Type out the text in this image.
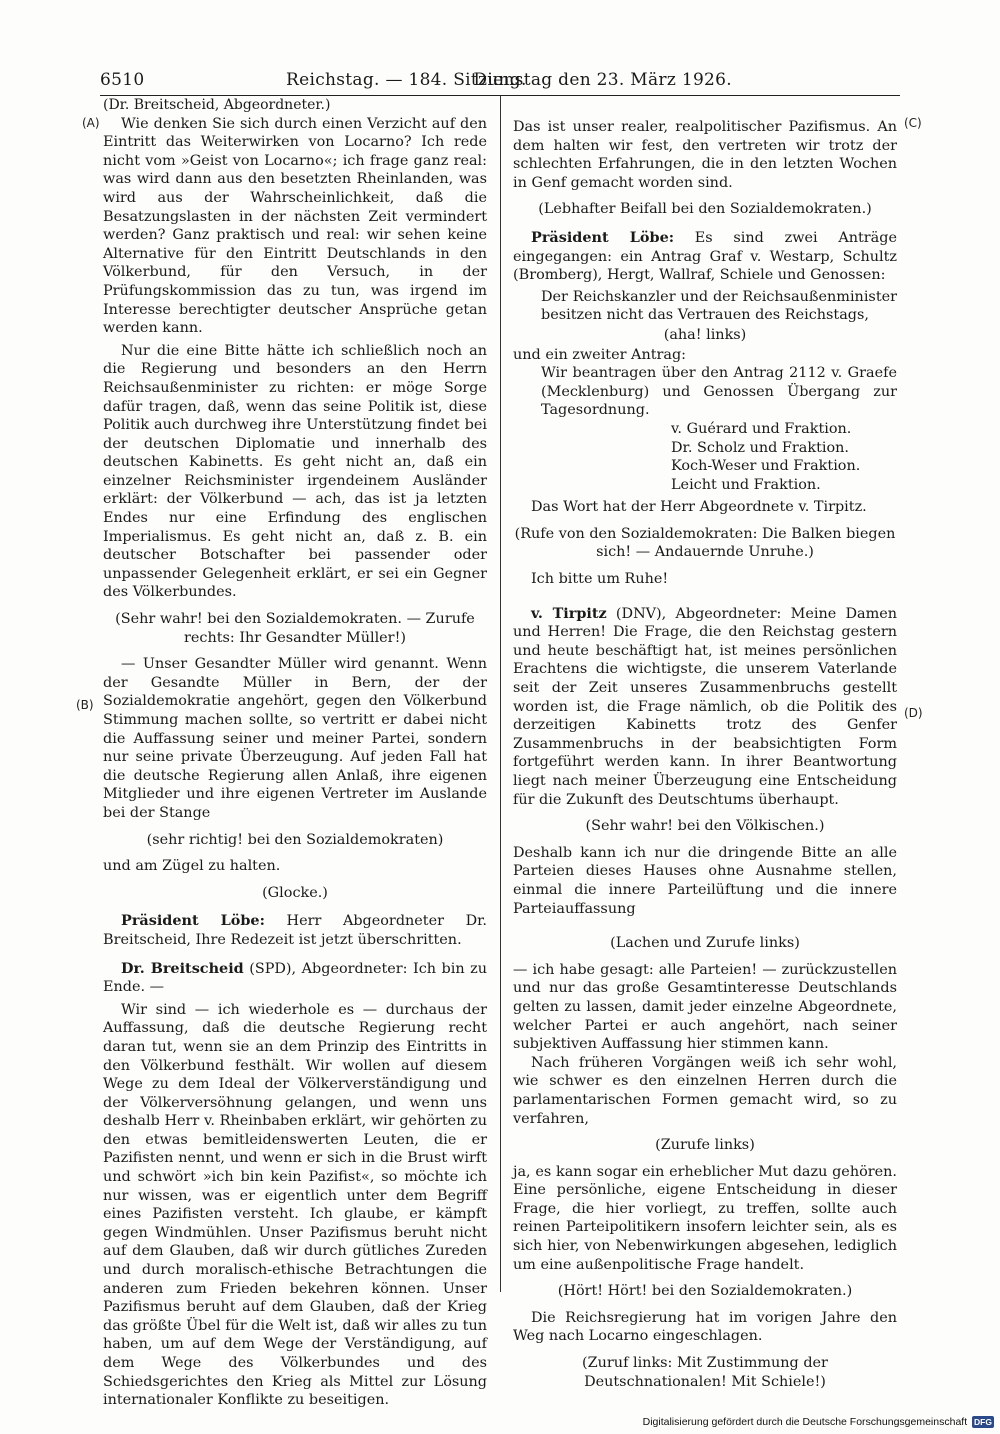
6510	Reichstag. — 184. Sitzung.
Dienstag den 23. März 1926.
(A)
(B)
(C)
(D)

(Dr. Breitscheid, Abgeordneter.)

Wie denken Sie sich durch einen Verzicht auf den Eintritt das Weiterwirken von Locarno? Ich rede nicht vom »Geist von Locarno«; ich frage ganz real: was wird dann aus den besetzten Rheinlanden, was wird aus der Wahrscheinlichkeit, daß die Besatzungslasten in der nächsten Zeit vermindert werden? Ganz praktisch und real: wir sehen keine Alternative für den Eintritt Deutschlands in den Völkerbund, für den Versuch, in der Prüfungskommission das zu tun, was irgend im Interesse berechtigter deutscher Ansprüche getan werden kann.

Nur die eine Bitte hätte ich schließlich noch an die Regierung und besonders an den Herrn Reichsaußenminister zu richten: er möge Sorge dafür tragen, daß, wenn das seine Politik ist, diese Politik auch durchweg ihre Unterstützung findet bei der deutschen Diplomatie und innerhalb des deutschen Kabinetts. Es geht nicht an, daß ein einzelner Reichsminister irgendeinem Ausländer erklärt: der Völkerbund — ach, das ist ja letzten Endes nur eine Erfindung des englischen Imperialismus. Es geht nicht an, daß z. B. ein deutscher Botschafter bei passender oder unpassender Gelegenheit erklärt, er sei ein Gegner des Völkerbundes.

(Sehr wahr! bei den Sozialdemokraten. — Zurufe rechts: Ihr Gesandter Müller!)

— Unser Gesandter Müller wird genannt. Wenn der Gesandte Müller in Bern, der der Sozialdemokratie angehört, gegen den Völkerbund Stimmung machen sollte, so vertritt er dabei nicht die Auffassung seiner und meiner Partei, sondern nur seine private Überzeugung. Auf jeden Fall hat die deutsche Regierung allen Anlaß, ihre eigenen Mitglieder und ihre eigenen Vertreter im Auslande bei der Stange

(sehr richtig! bei den Sozialdemokraten)

und am Zügel zu halten.

(Glocke.)

Präsident Löbe: Herr Abgeordneter Dr. Breitscheid, Ihre Redezeit ist jetzt überschritten.

Dr. Breitscheid (SPD), Abgeordneter: Ich bin zu Ende. —

Wir sind — ich wiederhole es — durchaus der Auffassung, daß die deutsche Regierung recht daran tut, wenn sie an dem Prinzip des Eintritts in den Völkerbund festhält. Wir wollen auf diesem Wege zu dem Ideal der Völkerverständigung und der Völkerversöhnung gelangen, und wenn uns deshalb Herr v. Rheinbaben erklärt, wir gehörten zu den etwas bemitleidenswerten Leuten, die er Pazifisten nennt, und wenn er sich in die Brust wirft und schwört »ich bin kein Pazifist«, so möchte ich nur wissen, was er eigentlich unter dem Begriff eines Pazifisten versteht. Ich glaube, er kämpft gegen Windmühlen. Unser Pazifismus beruht nicht auf dem Glauben, daß wir durch gütliches Zureden und durch moralisch-ethische Betrachtungen die anderen zum Frieden bekehren können. Unser Pazifismus beruht auf dem Glauben, daß der Krieg das größte Übel für die Welt ist, daß wir alles zu tun haben, um auf dem Wege der Verständigung, auf dem Wege des Völkerbundes und des Schiedsgerichtes den Krieg als Mittel zur Lösung internationaler Konflikte zu beseitigen.

Das ist unser realer, realpolitischer Pazifismus. An dem halten wir fest, den vertreten wir trotz der schlechten Erfahrungen, die in den letzten Wochen in Genf gemacht worden sind.

(Lebhafter Beifall bei den Sozialdemokraten.)

Präsident Löbe: Es sind zwei Anträge eingegangen: ein Antrag Graf v. Westarp, Schultz (Bromberg), Hergt, Wallraf, Schiele und Genossen:

Der Reichskanzler und der Reichsaußenminister besitzen nicht das Vertrauen des Reichstags,

(aha! links)

und ein zweiter Antrag:

Wir beantragen über den Antrag 2112 v. Graefe (Mecklenburg) und Genossen Übergang zur Tagesordnung.

v. Guérard und Fraktion.

Dr. Scholz und Fraktion.

Koch-Weser und Fraktion.

Leicht und Fraktion.

Das Wort hat der Herr Abgeordnete v. Tirpitz.

(Rufe von den Sozialdemokraten: Die Balken biegen sich! — Andauernde Unruhe.)

Ich bitte um Ruhe!

v. Tirpitz (DNV), Abgeordneter: Meine Damen und Herren! Die Frage, die den Reichstag gestern und heute beschäftigt hat, ist meines persönlichen Erachtens die wichtigste, die unserem Vaterlande seit der Zeit unseres Zusammenbruchs gestellt worden ist, die Frage nämlich, ob die Politik des derzeitigen Kabinetts trotz des Genfer Zusammenbruchs in der beabsichtigten Form fortgeführt werden kann. In ihrer Beantwortung liegt nach meiner Überzeugung eine Entscheidung für die Zukunft des Deutschtums überhaupt.

(Sehr wahr! bei den Völkischen.)

Deshalb kann ich nur die dringende Bitte an alle Parteien dieses Hauses ohne Ausnahme stellen, einmal die innere Parteilüftung und die innere Parteiauffassung

(Lachen und Zurufe links)

— ich habe gesagt: alle Parteien! — zurückzustellen und nur das große Gesamtinteresse Deutschlands gelten zu lassen, damit jeder einzelne Abgeordnete, welcher Partei er auch angehört, nach seiner subjektiven Auffassung hier stimmen kann.

Nach früheren Vorgängen weiß ich sehr wohl, wie schwer es den einzelnen Herren durch die parlamentarischen Formen gemacht wird, so zu verfahren,

(Zurufe links)

ja, es kann sogar ein erheblicher Mut dazu gehören. Eine persönliche, eigene Entscheidung in dieser Frage, die hier vorliegt, zu treffen, sollte auch reinen Parteipolitikern insofern leichter sein, als es sich hier, von Nebenwirkungen abgesehen, lediglich um eine außenpolitische Frage handelt.

(Hört! Hört! bei den Sozialdemokraten.)

Die Reichsregierung hat im vorigen Jahre den Weg nach Locarno eingeschlagen.

(Zuruf links: Mit Zustimmung der Deutschnationalen! Mit Schiele!)

Digitalisierung gefördert durch die Deutsche Forschungsgemeinschaft DFG
